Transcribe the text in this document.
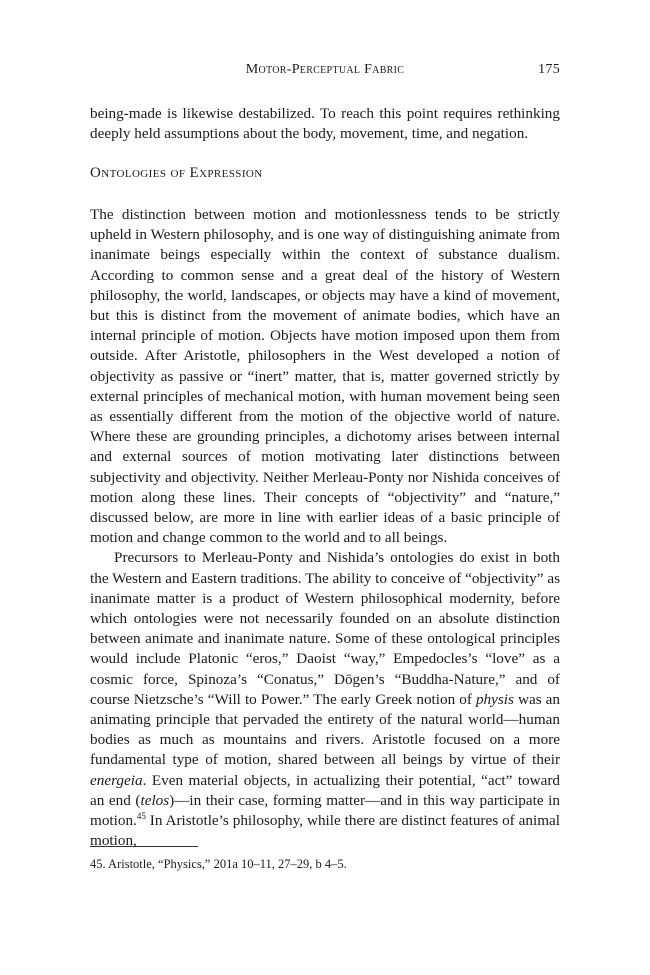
Motor-Perceptual Fabric	175

being-made is likewise destabilized. To reach this point requires rethinking deeply held assumptions about the body, movement, time, and negation.

Ontologies of Expression

The distinction between motion and motionlessness tends to be strictly upheld in Western philosophy, and is one way of distinguishing animate from inanimate beings especially within the context of substance dualism. According to common sense and a great deal of the history of Western philosophy, the world, landscapes, or objects may have a kind of movement, but this is distinct from the movement of animate bodies, which have an internal principle of motion. Objects have motion imposed upon them from outside. After Aristotle, philosophers in the West developed a notion of objectivity as passive or “inert” matter, that is, matter governed strictly by external principles of mechanical motion, with human movement being seen as essentially different from the motion of the objective world of nature. Where these are grounding principles, a dichotomy arises between internal and external sources of motion motivating later distinctions between subjectivity and objectivity. Neither Merleau-Ponty nor Nishida conceives of motion along these lines. Their concepts of “objectivity” and “nature,” discussed below, are more in line with earlier ideas of a basic principle of motion and change common to the world and to all beings.

Precursors to Merleau-Ponty and Nishida’s ontologies do exist in both the Western and Eastern traditions. The ability to conceive of “objectivity” as inanimate matter is a product of Western philosophical modernity, before which ontologies were not necessarily founded on an absolute distinction between animate and inanimate nature. Some of these ontological principles would include Platonic “eros,” Daoist “way,” Empedocles’s “love” as a cosmic force, Spinoza’s “Conatus,” Dōgen’s “Buddha-Nature,” and of course Nietzsche’s “Will to Power.” The early Greek notion of physis was an animating principle that pervaded the entirety of the natural world—human bodies as much as mountains and rivers. Aristotle focused on a more fundamental type of motion, shared between all beings by virtue of their energeia. Even material objects, in actualizing their potential, “act” toward an end (telos)—in their case, forming matter—and in this way participate in motion.$^{45}$ In Aristotle’s philosophy, while there are distinct features of animal motion,

45. Aristotle, “Physics,” 201a 10–11, 27–29, b 4–5.
